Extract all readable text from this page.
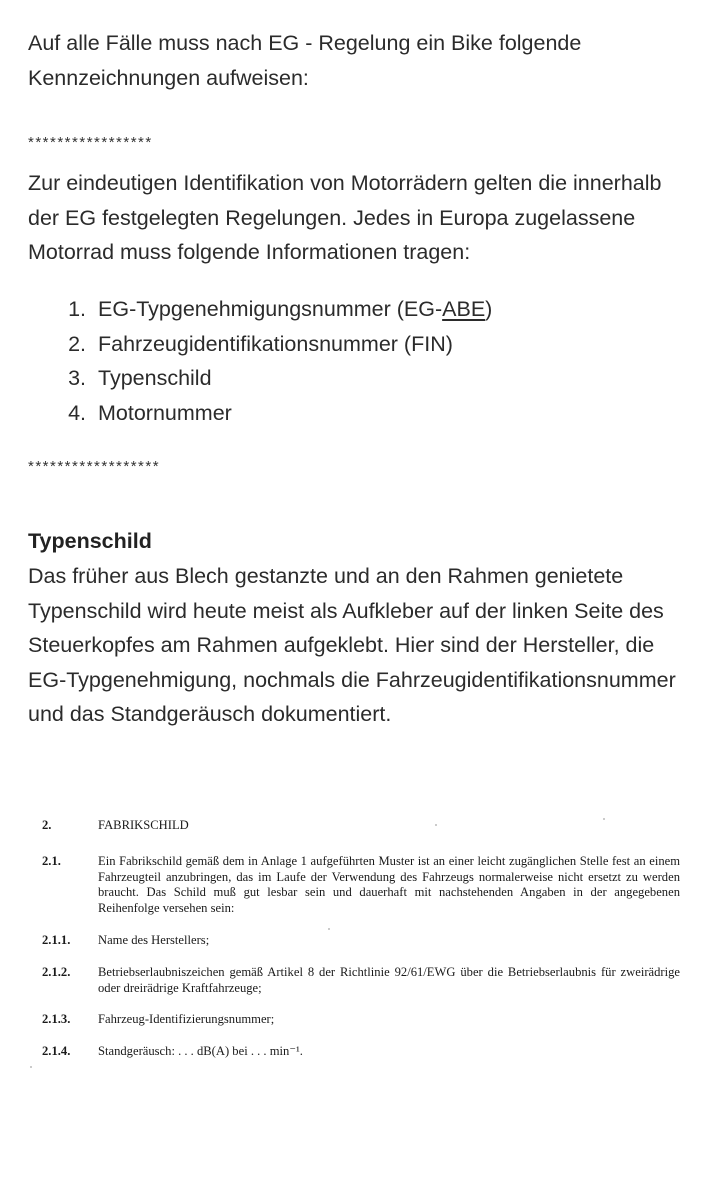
Auf alle Fälle muss nach EG - Regelung ein Bike folgende Kennzeichnungen aufweisen:

*****************

Zur eindeutigen Identifikation von Motorrädern gelten die innerhalb der EG festgelegten Regelungen. Jedes in Europa zugelassene Motorrad muss folgende Informationen tragen:

1. EG-Typgenehmigungsnummer (EG-ABE)
2. Fahrzeugidentifikationsnummer (FIN)
3. Typenschild
4. Motornummer
******************
Typenschild

Das früher aus Blech gestanzte und an den Rahmen genietete Typenschild wird heute meist als Aufkleber auf der linken Seite des Steuerkopfes am Rahmen aufgeklebt. Hier sind der Hersteller, die EG-Typgenehmigung, nochmals die Fahrzeugidentifikationsnummer und das Standgeräusch dokumentiert.

2.	FABRIKSCHILD
2.1.	Ein Fabrikschild gemäß dem in Anlage 1 aufgeführten Muster ist an einer leicht zugänglichen Stelle fest an einem Fahrzeugteil anzubringen, das im Laufe der Verwendung des Fahrzeugs normalerweise nicht ersetzt zu werden braucht. Das Schild muß gut lesbar sein und dauerhaft mit nachstehenden Angaben in der angegebenen Reihenfolge versehen sein:
2.1.1. Name des Herstellers;
2.1.2. Betriebserlaubniszeichen gemäß Artikel 8 der Richtlinie 92/61/EWG über die Betriebserlaubnis für zweirädrige oder dreirädrige Kraftfahrzeuge;
2.1.3. Fahrzeug-Identifizierungsnummer;
2.1.4. Standgeräusch: . . . dB(A) bei . . . min⁻¹.
